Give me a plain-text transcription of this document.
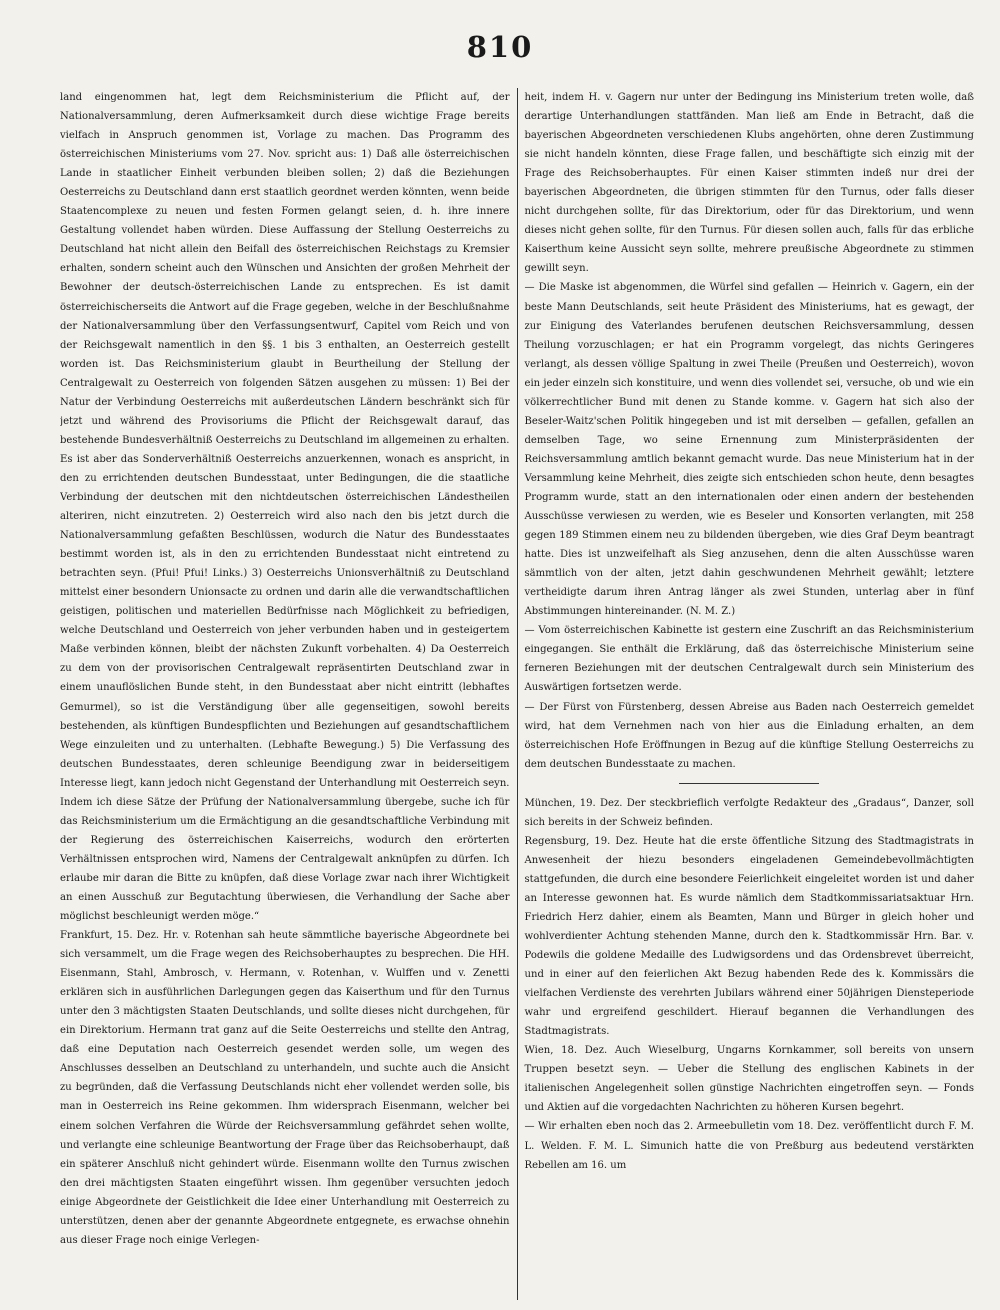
810

land eingenommen hat, legt dem Reichsministerium die Pflicht auf, der Nationalversammlung, deren Aufmerksamkeit durch diese wichtige Frage bereits vielfach in Anspruch genommen ist, Vorlage zu machen. Das Programm des österreichischen Ministeriums vom 27. Nov. spricht aus: 1) Daß alle österreichischen Lande in staatlicher Einheit verbunden bleiben sollen; 2) daß die Beziehungen Oesterreichs zu Deutschland dann erst staatlich geordnet werden könnten, wenn beide Staatencomplexe zu neuen und festen Formen gelangt seien, d. h. ihre innere Gestaltung vollendet haben würden. Diese Auffassung der Stellung Oesterreichs zu Deutschland hat nicht allein den Beifall des österreichischen Reichstags zu Kremsier erhalten, sondern scheint auch den Wünschen und Ansichten der großen Mehrheit der Bewohner der deutsch-österreichischen Lande zu entsprechen. Es ist damit österreichischerseits die Antwort auf die Frage gegeben, welche in der Beschlußnahme der Nationalversammlung über den Verfassungsentwurf, Capitel vom Reich und von der Reichsgewalt namentlich in den §§. 1 bis 3 enthalten, an Oesterreich gestellt worden ist. Das Reichsministerium glaubt in Beurtheilung der Stellung der Centralgewalt zu Oesterreich von folgenden Sätzen ausgehen zu müssen: 1) Bei der Natur der Verbindung Oesterreichs mit außerdeutschen Ländern beschränkt sich für jetzt und während des Provisoriums die Pflicht der Reichsgewalt darauf, das bestehende Bundesverhältniß Oesterreichs zu Deutschland im allgemeinen zu erhalten. Es ist aber das Sonderverhältniß Oesterreichs anzuerkennen, wonach es anspricht, in den zu errichtenden deutschen Bundesstaat, unter Bedingungen, die die staatliche Verbindung der deutschen mit den nichtdeutschen österreichischen Ländestheilen alteriren, nicht einzutreten. 2) Oesterreich wird also nach den bis jetzt durch die Nationalversammlung gefaßten Beschlüssen, wodurch die Natur des Bundesstaates bestimmt worden ist, als in den zu errichtenden Bundesstaat nicht eintretend zu betrachten seyn. (Pfui! Pfui! Links.) 3) Oesterreichs Unionsverhältniß zu Deutschland mittelst einer besondern Unionsacte zu ordnen und darin alle die verwandtschaftlichen geistigen, politischen und materiellen Bedürfnisse nach Möglichkeit zu befriedigen, welche Deutschland und Oesterreich von jeher verbunden haben und in gesteigertem Maße verbinden können, bleibt der nächsten Zukunft vorbehalten. 4) Da Oesterreich zu dem von der provisorischen Centralgewalt repräsentirten Deutschland zwar in einem unauflöslichen Bunde steht, in den Bundesstaat aber nicht eintritt (lebhaftes Gemurmel), so ist die Verständigung über alle gegenseitigen, sowohl bereits bestehenden, als künftigen Bundespflichten und Beziehungen auf gesandtschaftlichem Wege einzuleiten und zu unterhalten. (Lebhafte Bewegung.) 5) Die Verfassung des deutschen Bundesstaates, deren schleunige Beendigung zwar in beiderseitigem Interesse liegt, kann jedoch nicht Gegenstand der Unterhandlung mit Oesterreich seyn. Indem ich diese Sätze der Prüfung der Nationalversammlung übergebe, suche ich für das Reichsministerium um die Ermächtigung an die gesandtschaftliche Verbindung mit der Regierung des österreichischen Kaiserreichs, wodurch den erörterten Verhältnissen entsprochen wird, Namens der Centralgewalt anknüpfen zu dürfen. Ich erlaube mir daran die Bitte zu knüpfen, daß diese Vorlage zwar nach ihrer Wichtigkeit an einen Ausschuß zur Begutachtung überwiesen, die Verhandlung der Sache aber möglichst beschleunigt werden möge.“

Frankfurt, 15. Dez. Hr. v. Rotenhan sah heute sämmtliche bayerische Abgeordnete bei sich versammelt, um die Frage wegen des Reichsoberhauptes zu besprechen. Die HH. Eisenmann, Stahl, Ambrosch, v. Hermann, v. Rotenhan, v. Wulffen und v. Zenetti erklären sich in ausführlichen Darlegungen gegen das Kaiserthum und für den Turnus unter den 3 mächtigsten Staaten Deutschlands, und sollte dieses nicht durchgehen, für ein Direktorium. Hermann trat ganz auf die Seite Oesterreichs und stellte den Antrag, daß eine Deputation nach Oesterreich gesendet werden solle, um wegen des Anschlusses desselben an Deutschland zu unterhandeln, und suchte auch die Ansicht zu begründen, daß die Verfassung Deutschlands nicht eher vollendet werden solle, bis man in Oesterreich ins Reine gekommen. Ihm widersprach Eisenmann, welcher bei einem solchen Verfahren die Würde der Reichsversammlung gefährdet sehen wollte, und verlangte eine schleunige Beantwortung der Frage über das Reichsoberhaupt, daß ein späterer Anschluß nicht gehindert würde. Eisenmann wollte den Turnus zwischen den drei mächtigsten Staaten eingeführt wissen. Ihm gegenüber versuchten jedoch einige Abgeordnete der Geistlichkeit die Idee einer Unterhandlung mit Oesterreich zu unterstützen, denen aber der genannte Abgeordnete entgegnete, es erwachse ohnehin aus dieser Frage noch einige Verlegen-

heit, indem H. v. Gagern nur unter der Bedingung ins Ministerium treten wolle, daß derartige Unterhandlungen stattfänden. Man ließ am Ende in Betracht, daß die bayerischen Abgeordneten verschiedenen Klubs angehörten, ohne deren Zustimmung sie nicht handeln könnten, diese Frage fallen, und beschäftigte sich einzig mit der Frage des Reichsoberhauptes. Für einen Kaiser stimmten indeß nur drei der bayerischen Abgeordneten, die übrigen stimmten für den Turnus, oder falls dieser nicht durchgehen sollte, für das Direktorium, oder für das Direktorium, und wenn dieses nicht gehen sollte, für den Turnus. Für diesen sollen auch, falls für das erbliche Kaiserthum keine Aussicht seyn sollte, mehrere preußische Abgeordnete zu stimmen gewillt seyn.

— Die Maske ist abgenommen, die Würfel sind gefallen — Heinrich v. Gagern, ein der beste Mann Deutschlands, seit heute Präsident des Ministeriums, hat es gewagt, der zur Einigung des Vaterlandes berufenen deutschen Reichsversammlung, dessen Theilung vorzuschlagen; er hat ein Programm vorgelegt, das nichts Geringeres verlangt, als dessen völlige Spaltung in zwei Theile (Preußen und Oesterreich), wovon ein jeder einzeln sich konstituire, und wenn dies vollendet sei, versuche, ob und wie ein völkerrechtlicher Bund mit denen zu Stande komme. v. Gagern hat sich also der Beseler-Waitz'schen Politik hingegeben und ist mit derselben — gefallen, gefallen an demselben Tage, wo seine Ernennung zum Ministerpräsidenten der Reichsversammlung amtlich bekannt gemacht wurde. Das neue Ministerium hat in der Versammlung keine Mehrheit, dies zeigte sich entschieden schon heute, denn besagtes Programm wurde, statt an den internationalen oder einen andern der bestehenden Ausschüsse verwiesen zu werden, wie es Beseler und Konsorten verlangten, mit 258 gegen 189 Stimmen einem neu zu bildenden übergeben, wie dies Graf Deym beantragt hatte. Dies ist unzweifelhaft als Sieg anzusehen, denn die alten Ausschüsse waren sämmtlich von der alten, jetzt dahin geschwundenen Mehrheit gewählt; letztere vertheidigte darum ihren Antrag länger als zwei Stunden, unterlag aber in fünf Abstimmungen hintereinander. (N. M. Z.)

— Vom österreichischen Kabinette ist gestern eine Zuschrift an das Reichsministerium eingegangen. Sie enthält die Erklärung, daß das österreichische Ministerium seine ferneren Beziehungen mit der deutschen Centralgewalt durch sein Ministerium des Auswärtigen fortsetzen werde.

— Der Fürst von Fürstenberg, dessen Abreise aus Baden nach Oesterreich gemeldet wird, hat dem Vernehmen nach von hier aus die Einladung erhalten, an dem österreichischen Hofe Eröffnungen in Bezug auf die künftige Stellung Oesterreichs zu dem deutschen Bundesstaate zu machen.

München, 19. Dez. Der steckbrieflich verfolgte Redakteur des „Gradaus“, Danzer, soll sich bereits in der Schweiz befinden.

Regensburg, 19. Dez. Heute hat die erste öffentliche Sitzung des Stadtmagistrats in Anwesenheit der hiezu besonders eingeladenen Gemeindebevollmächtigten stattgefunden, die durch eine besondere Feierlichkeit eingeleitet worden ist und daher an Interesse gewonnen hat. Es wurde nämlich dem Stadtkommissariatsaktuar Hrn. Friedrich Herz dahier, einem als Beamten, Mann und Bürger in gleich hoher und wohlverdienter Achtung stehenden Manne, durch den k. Stadtkommissär Hrn. Bar. v. Podewils die goldene Medaille des Ludwigsordens und das Ordensbrevet überreicht, und in einer auf den feierlichen Akt Bezug habenden Rede des k. Kommissärs die vielfachen Verdienste des verehrten Jubilars während einer 50jährigen Diensteperiode wahr und ergreifend geschildert. Hierauf begannen die Verhandlungen des Stadtmagistrats.

Wien, 18. Dez. Auch Wieselburg, Ungarns Kornkammer, soll bereits von unsern Truppen besetzt seyn. — Ueber die Stellung des englischen Kabinets in der italienischen Angelegenheit sollen günstige Nachrichten eingetroffen seyn. — Fonds und Aktien auf die vorgedachten Nachrichten zu höheren Kursen begehrt.

— Wir erhalten eben noch das 2. Armeebulletin vom 18. Dez. veröffentlicht durch F. M. L. Welden. F. M. L. Simunich hatte die von Preßburg aus bedeutend verstärkten Rebellen am 16. um
